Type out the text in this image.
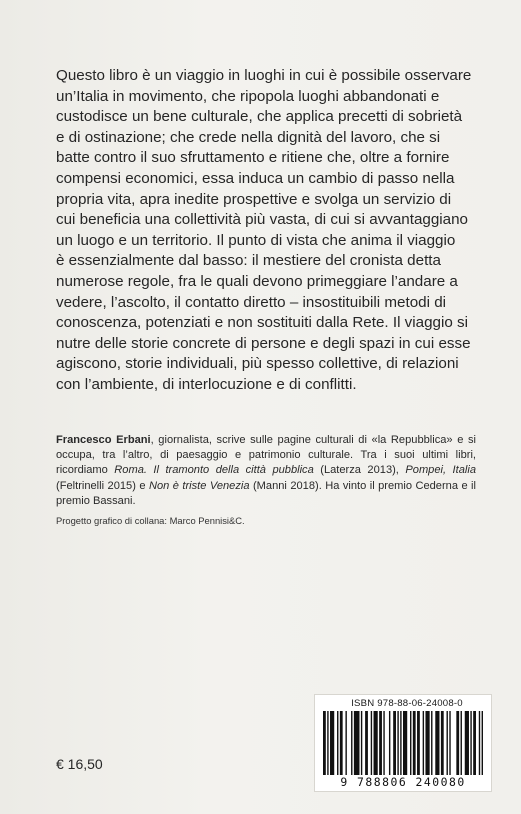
Questo libro è un viaggio in luoghi in cui è possibile osservare
un’Italia in movimento, che ripopola luoghi abbandonati e
custodisce un bene culturale, che applica precetti di sobrietà
e di ostinazione; che crede nella dignità del lavoro, che si
batte contro il suo sfruttamento e ritiene che, oltre a fornire
compensi economici, essa induca un cambio di passo nella
propria vita, apra inedite prospettive e svolga un servizio di
cui beneficia una collettività più vasta, di cui si avvantaggiano
un luogo e un territorio. Il punto di vista che anima il viaggio
è essenzialmente dal basso: il mestiere del cronista detta
numerose regole, fra le quali devono primeggiare l’andare a
vedere, l’ascolto, il contatto diretto – insostituibili metodi di
conoscenza, potenziati e non sostituiti dalla Rete. Il viaggio si
nutre delle storie concrete di persone e degli spazi in cui esse
agiscono, storie individuali, più spesso collettive, di relazioni
con l’ambiente, di interlocuzione e di conflitti.

Francesco Erbani, giornalista, scrive sulle pagine culturali di «la Repubblica» e si occupa, tra l’altro, di paesaggio e patrimonio culturale. Tra i suoi ultimi libri, ricordiamo Roma. Il tramonto della città pubblica (Laterza 2013), Pompei, Italia (Feltrinelli 2015) e Non è triste Venezia (Manni 2018). Ha vinto il premio Cederna e il premio Bassani.

Progetto grafico di collana: Marco Pennisi&C.

€ 16,50

ISBN 978-88-06-24008-0
9 788806 240080
